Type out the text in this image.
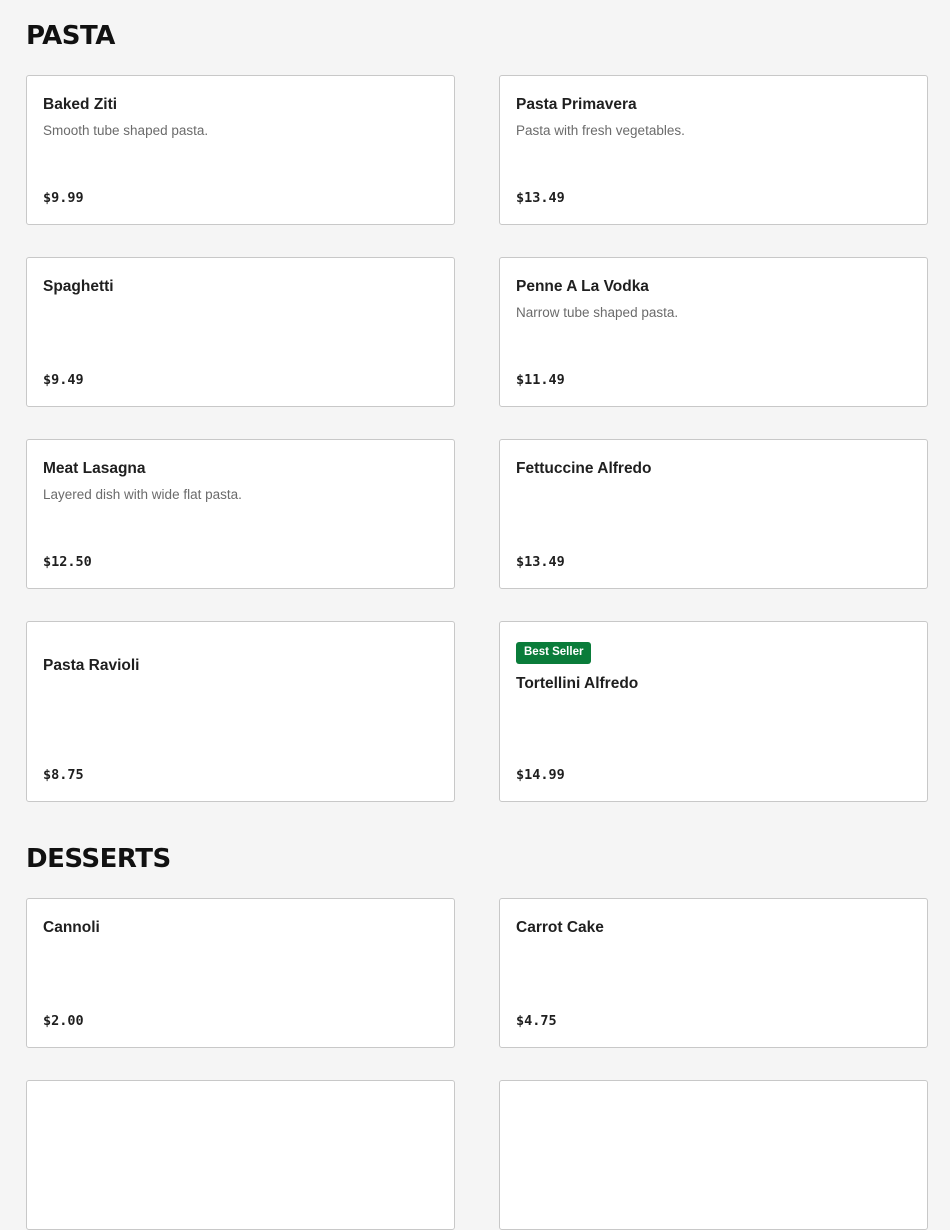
PASTA
Baked Ziti
Smooth tube shaped pasta.
$9.99
Pasta Primavera
Pasta with fresh vegetables.
$13.49
Spaghetti
$9.49
Penne A La Vodka
Narrow tube shaped pasta.
$11.49
Meat Lasagna
Layered dish with wide flat pasta.
$12.50
Fettuccine Alfredo
$13.49
Pasta Ravioli
$8.75
Best Seller
Tortellini Alfredo
$14.99
DESSERTS
Cannoli
$2.00
Carrot Cake
$4.75
